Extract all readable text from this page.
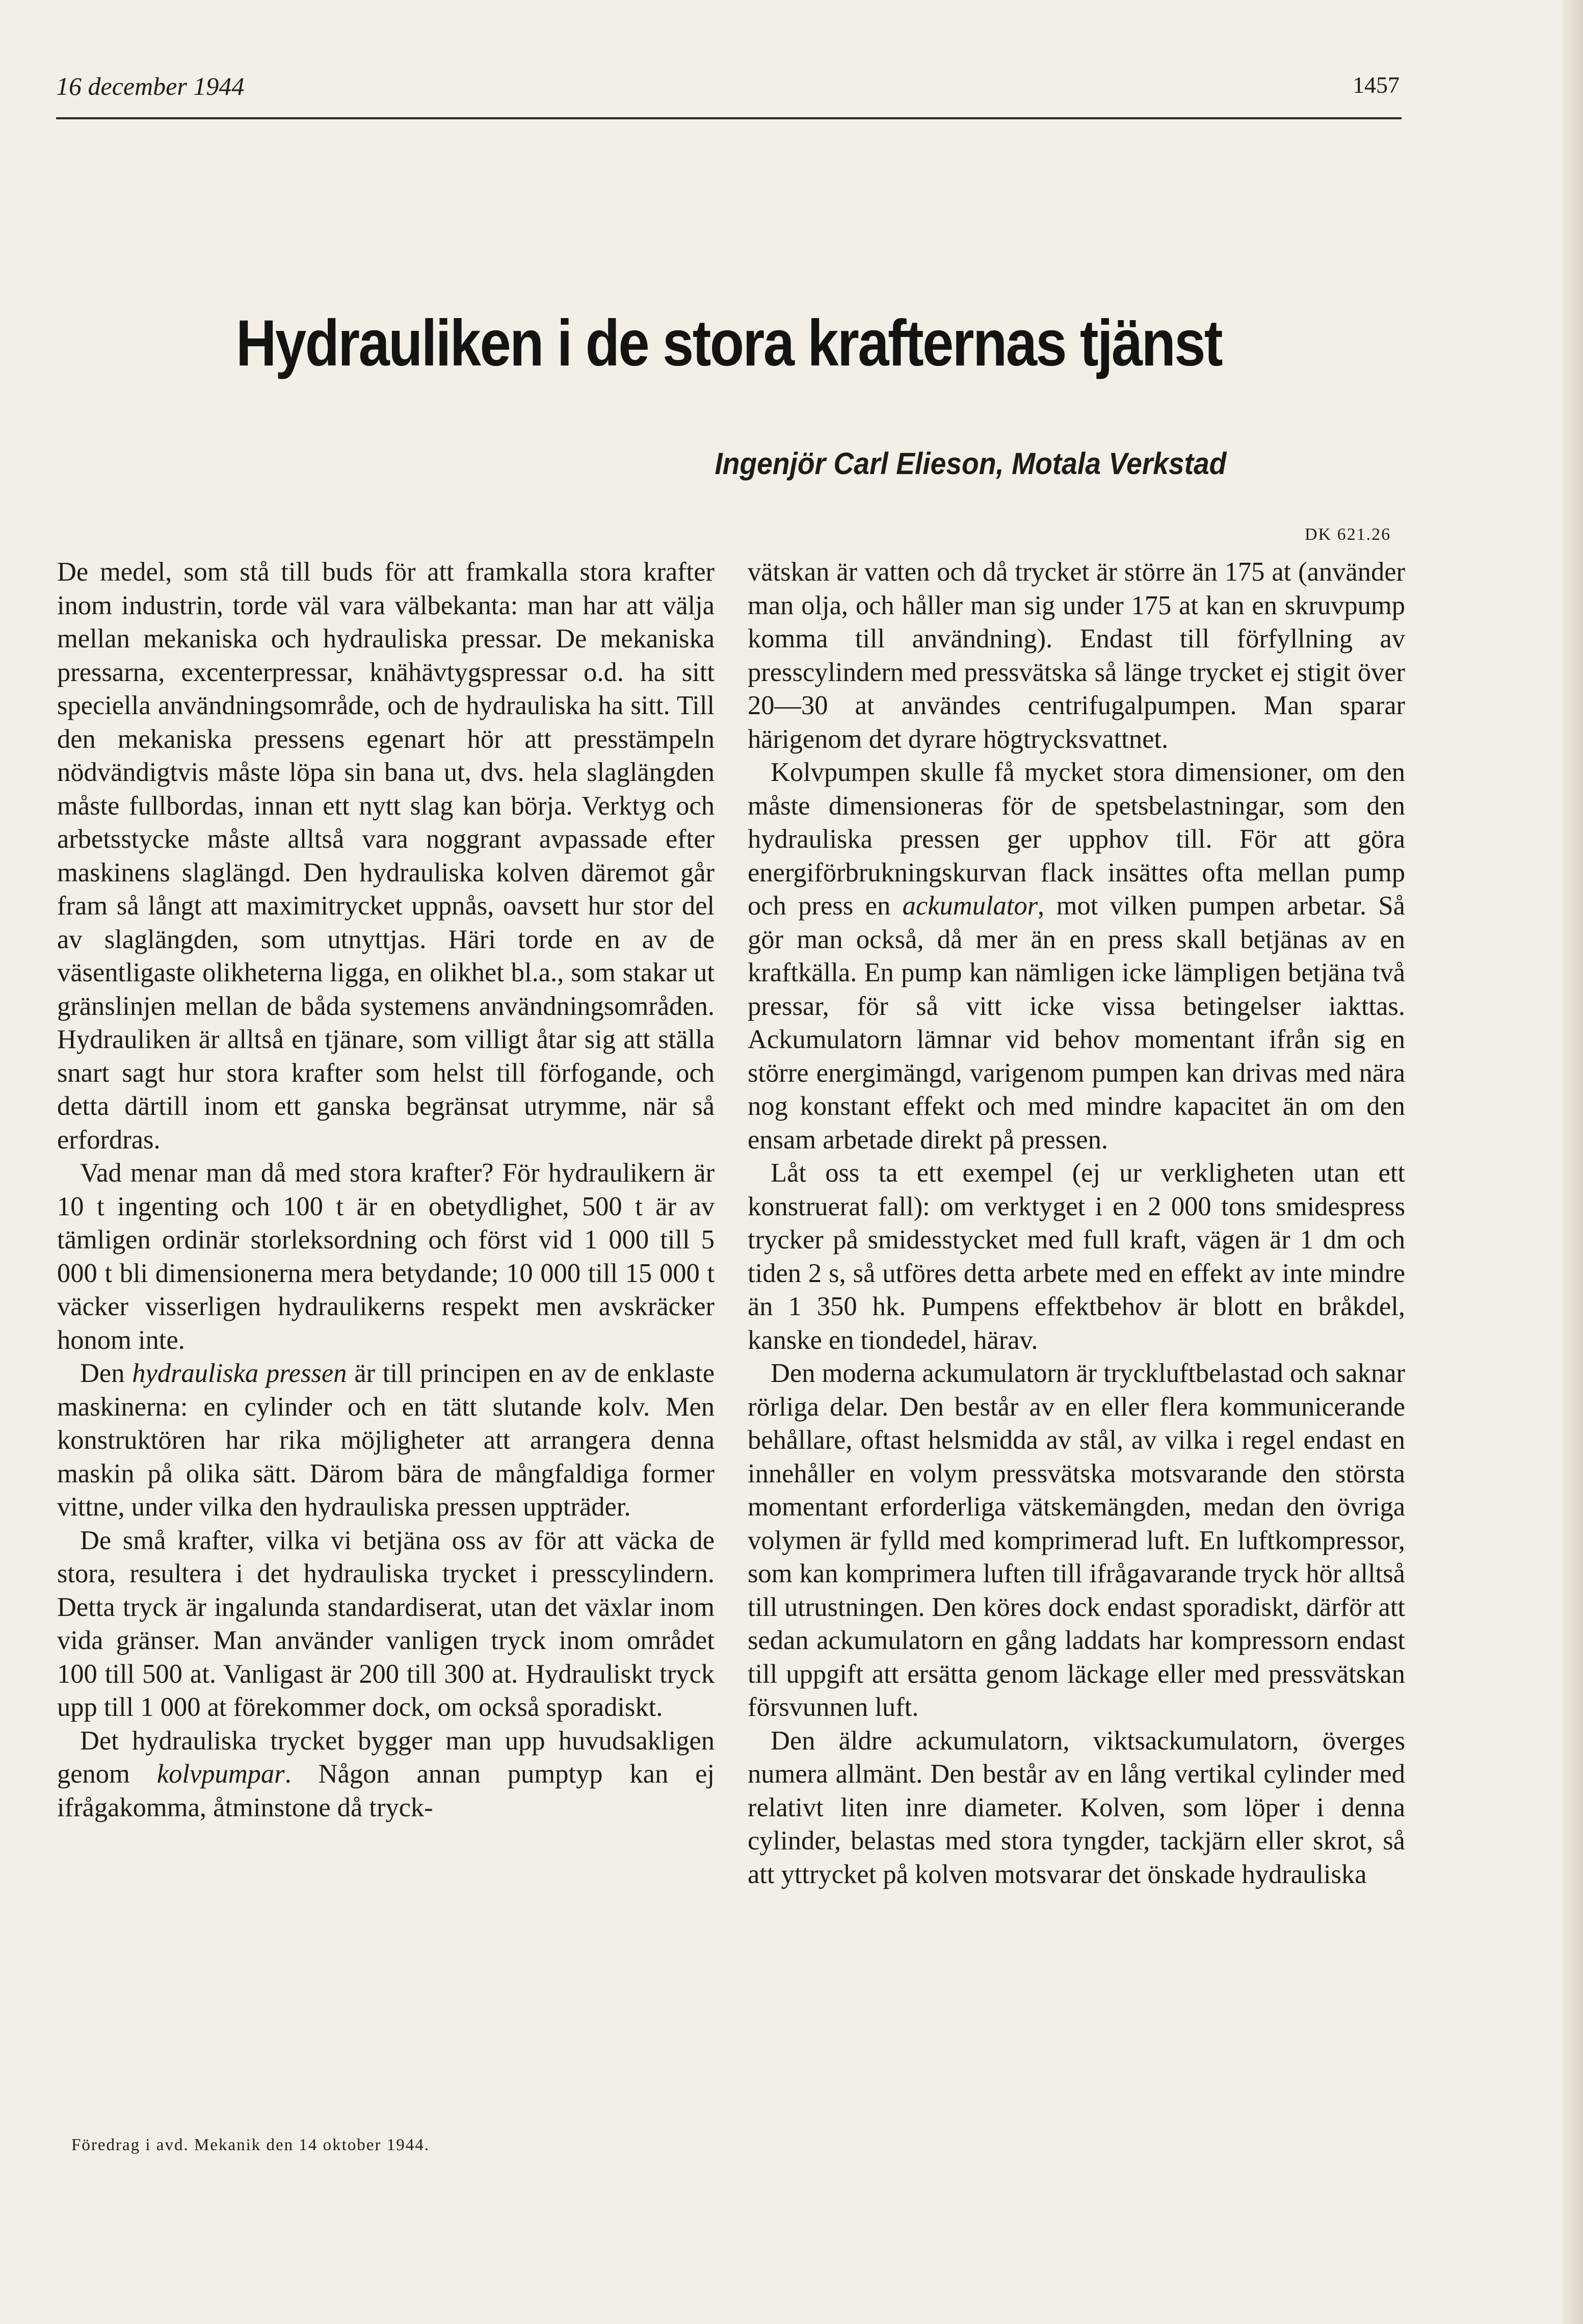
16 december 1944	1457
Hydrauliken i de stora krafternas tjänst
Ingenjör Carl Elieson, Motala Verkstad
DK 621.26

De medel, som stå till buds för att framkalla stora krafter inom industrin, torde väl vara välbekanta: man har att välja mellan mekaniska och hydrauliska pressar. De mekaniska pressarna, excenterpressar, knähävtygspressar o.d. ha sitt speciella användningsområde, och de hydrauliska ha sitt. Till den mekaniska pressens egenart hör att presstämpeln nödvändigtvis måste löpa sin bana ut, dvs. hela slaglängden måste fullbordas, innan ett nytt slag kan börja. Verktyg och arbetsstycke måste alltså vara noggrant avpassade efter maskinens slaglängd. Den hydrauliska kolven däremot går fram så långt att maximitrycket uppnås, oavsett hur stor del av slaglängden, som utnyttjas. Häri torde en av de väsentligaste olikheterna ligga, en olikhet bl.a., som stakar ut gränslinjen mellan de båda systemens användningsområden. Hydrauliken är alltså en tjänare, som villigt åtar sig att ställa snart sagt hur stora krafter som helst till förfogande, och detta därtill inom ett ganska begränsat utrymme, när så erfordras.

Vad menar man då med stora krafter? För hydraulikern är 10 t ingenting och 100 t är en obetydlighet, 500 t är av tämligen ordinär storleksordning och först vid 1 000 till 5 000 t bli dimensionerna mera betydande; 10 000 till 15 000 t väcker visserligen hydraulikerns respekt men avskräcker honom inte.

Den hydrauliska pressen är till principen en av de enklaste maskinerna: en cylinder och en tätt slutande kolv. Men konstruktören har rika möjligheter att arrangera denna maskin på olika sätt. Därom bära de mångfaldiga former vittne, under vilka den hydrauliska pressen uppträder.

De små krafter, vilka vi betjäna oss av för att väcka de stora, resultera i det hydrauliska trycket i presscylindern. Detta tryck är ingalunda standardiserat, utan det växlar inom vida gränser. Man använder vanligen tryck inom området 100 till 500 at. Vanligast är 200 till 300 at. Hydrauliskt tryck upp till 1 000 at förekommer dock, om också sporadiskt.

Det hydrauliska trycket bygger man upp huvudsakligen genom kolvpumpar. Någon annan pumptyp kan ej ifrågakomma, åtminstone då tryck-

vätskan är vatten och då trycket är större än 175 at (använder man olja, och håller man sig under 175 at kan en skruvpump komma till användning). Endast till förfyllning av presscylindern med pressvätska så länge trycket ej stigit över 20—30 at användes centrifugalpumpen. Man sparar härigenom det dyrare högtrycksvattnet.

Kolvpumpen skulle få mycket stora dimensioner, om den måste dimensioneras för de spetsbelastningar, som den hydrauliska pressen ger upphov till. För att göra energiförbrukningskurvan flack insättes ofta mellan pump och press en ackumulator, mot vilken pumpen arbetar. Så gör man också, då mer än en press skall betjänas av en kraftkälla. En pump kan nämligen icke lämpligen betjäna två pressar, för så vitt icke vissa betingelser iakttas. Ackumulatorn lämnar vid behov momentant ifrån sig en större energimängd, varigenom pumpen kan drivas med nära nog konstant effekt och med mindre kapacitet än om den ensam arbetade direkt på pressen.

Låt oss ta ett exempel (ej ur verkligheten utan ett konstruerat fall): om verktyget i en 2 000 tons smidespress trycker på smidesstycket med full kraft, vägen är 1 dm och tiden 2 s, så utföres detta arbete med en effekt av inte mindre än 1 350 hk. Pumpens effektbehov är blott en bråkdel, kanske en tiondedel, härav.

Den moderna ackumulatorn är tryckluftbelastad och saknar rörliga delar. Den består av en eller flera kommunicerande behållare, oftast helsmidda av stål, av vilka i regel endast en innehåller en volym pressvätska motsvarande den största momentant erforderliga vätskemängden, medan den övriga volymen är fylld med komprimerad luft. En luftkompressor, som kan komprimera luften till ifrågavarande tryck hör alltså till utrustningen. Den köres dock endast sporadiskt, därför att sedan ackumulatorn en gång laddats har kompressorn endast till uppgift att ersätta genom läckage eller med pressvätskan försvunnen luft.

Den äldre ackumulatorn, viktsackumulatorn, överges numera allmänt. Den består av en lång vertikal cylinder med relativt liten inre diameter. Kolven, som löper i denna cylinder, belastas med stora tyngder, tackjärn eller skrot, så att yttrycket på kolven motsvarar det önskade hydrauliska

Föredrag i avd. Mekanik den 14 oktober 1944.
